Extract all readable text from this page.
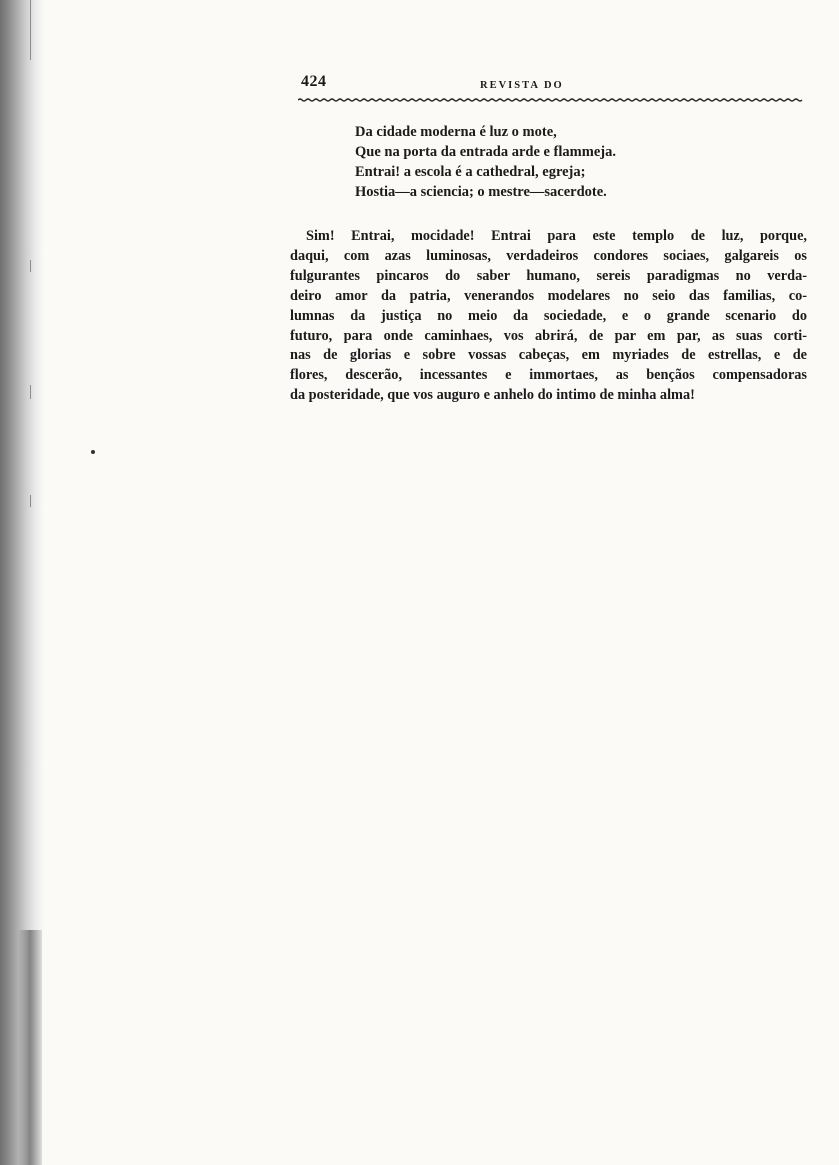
424	REVISTA DO
Da cidade moderna é luz o mote,
Que na porta da entrada arde e flammeja.
Entrai! a escola é a cathedral, egreja;
Hostia—a sciencia; o mestre—sacerdote.
Sim! Entrai, mocidade! Entrai para este templo de luz, porque,
daqui, com azas luminosas, verdadeiros condores sociaes, galgareis os
fulgurantes pincaros do saber humano, sereis paradigmas no verda-
deiro amor da patria, venerandos modelares no seio das familias, co-
lumnas da justiça no meio da sociedade, e o grande scenario do
futuro, para onde caminhaes, vos abrirá, de par em par, as suas corti-
nas de glorias e sobre vossas cabeças, em myriades de estrellas, e de
flores, descerão, incessantes e immortaes, as bençãos compensadoras
da posteridade, que vos auguro e anhelo do intimo de minha alma!
